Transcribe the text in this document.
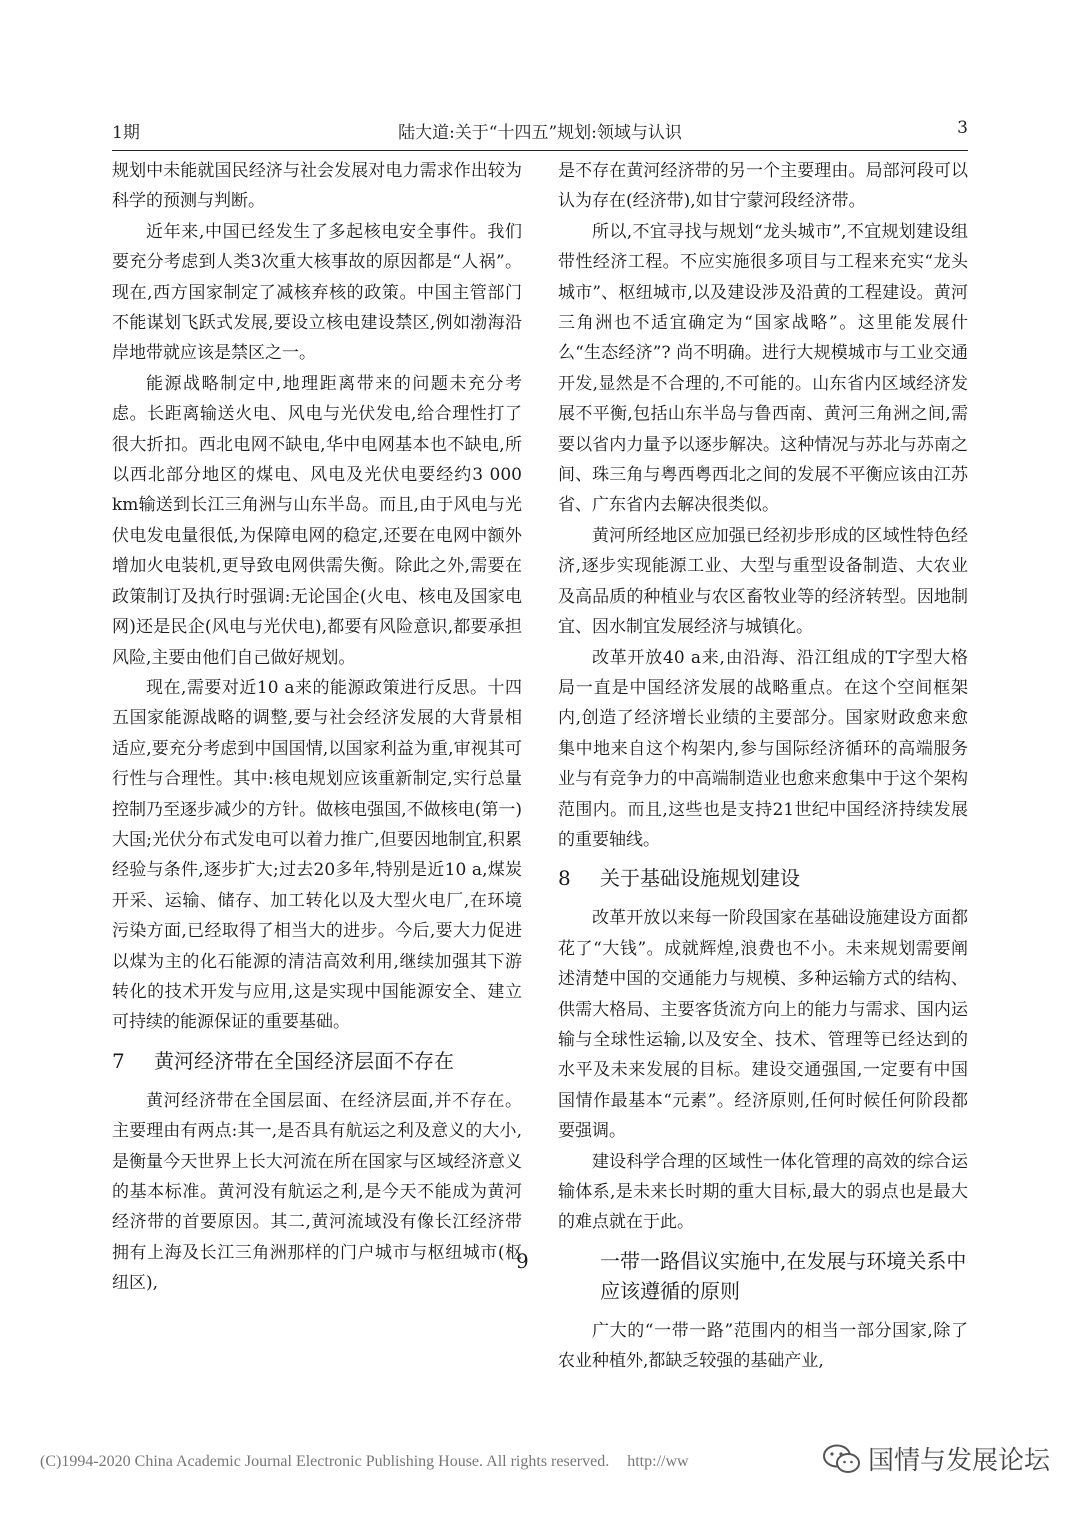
1期	陆大道:关于“十四五”规划:领域与认识	3

规划中未能就国民经济与社会发展对电力需求作出较为科学的预测与判断。

近年来,中国已经发生了多起核电安全事件。我们要充分考虑到人类3次重大核事故的原因都是“人祸”。现在,西方国家制定了减核弃核的政策。中国主管部门不能谋划飞跃式发展,要设立核电建设禁区,例如渤海沿岸地带就应该是禁区之一。

能源战略制定中,地理距离带来的问题未充分考虑。长距离输送火电、风电与光伏发电,给合理性打了很大折扣。西北电网不缺电,华中电网基本也不缺电,所以西北部分地区的煤电、风电及光伏电要经约3 000 km输送到长江三角洲与山东半岛。而且,由于风电与光伏电发电量很低,为保障电网的稳定,还要在电网中额外增加火电装机,更导致电网供需失衡。除此之外,需要在政策制订及执行时强调:无论国企(火电、核电及国家电网)还是民企(风电与光伏电),都要有风险意识,都要承担风险,主要由他们自己做好规划。

现在,需要对近10 a来的能源政策进行反思。十四五国家能源战略的调整,要与社会经济发展的大背景相适应,要充分考虑到中国国情,以国家利益为重,审视其可行性与合理性。其中:核电规划应该重新制定,实行总量控制乃至逐步减少的方针。做核电强国,不做核电(第一)大国;光伏分布式发电可以着力推广,但要因地制宜,积累经验与条件,逐步扩大;过去20多年,特别是近10 a,煤炭开采、运输、储存、加工转化以及大型火电厂,在环境污染方面,已经取得了相当大的进步。今后,要大力促进以煤为主的化石能源的清洁高效利用,继续加强其下游转化的技术开发与应用,这是实现中国能源安全、建立可持续的能源保证的重要基础。

7 黄河经济带在全国经济层面不存在

黄河经济带在全国层面、在经济层面,并不存在。主要理由有两点:其一,是否具有航运之利及意义的大小,是衡量今天世界上长大河流在所在国家与区域经济意义的基本标准。黄河没有航运之利,是今天不能成为黄河经济带的首要原因。其二,黄河流域没有像长江经济带拥有上海及长江三角洲那样的门户城市与枢纽城市(枢纽区),

是不存在黄河经济带的另一个主要理由。局部河段可以认为存在(经济带),如甘宁蒙河段经济带。

所以,不宜寻找与规划“龙头城市”,不宜规划建设组带性经济工程。不应实施很多项目与工程来充实“龙头城市”、枢纽城市,以及建设涉及沿黄的工程建设。黄河三角洲也不适宜确定为“国家战略”。这里能发展什么“生态经济”? 尚不明确。进行大规模城市与工业交通开发,显然是不合理的,不可能的。山东省内区域经济发展不平衡,包括山东半岛与鲁西南、黄河三角洲之间,需要以省内力量予以逐步解决。这种情况与苏北与苏南之间、珠三角与粤西粤西北之间的发展不平衡应该由江苏省、广东省内去解决很类似。

黄河所经地区应加强已经初步形成的区域性特色经济,逐步实现能源工业、大型与重型设备制造、大农业及高品质的种植业与农区畜牧业等的经济转型。因地制宜、因水制宜发展经济与城镇化。

改革开放40 a来,由沿海、沿江组成的T字型大格局一直是中国经济发展的战略重点。在这个空间框架内,创造了经济增长业绩的主要部分。国家财政愈来愈集中地来自这个构架内,参与国际经济循环的高端服务业与有竞争力的中高端制造业也愈来愈集中于这个架构范围内。而且,这些也是支持21世纪中国经济持续发展的重要轴线。

8 关于基础设施规划建设

改革开放以来每一阶段国家在基础设施建设方面都花了“大钱”。成就辉煌,浪费也不小。未来规划需要阐述清楚中国的交通能力与规模、多种运输方式的结构、供需大格局、主要客货流方向上的能力与需求、国内运输与全球性运输,以及安全、技术、管理等已经达到的水平及未来发展的目标。建设交通强国,一定要有中国国情作最基本“元素”。经济原则,任何时候任何阶段都要强调。

建设科学合理的区域性一体化管理的高效的综合运输体系,是未来长时期的重大目标,最大的弱点也是最大的难点就在于此。

9	一带一路倡议实施中,在发展与环境关系中应该遵循的原则

广大的“一带一路”范围内的相当一部分国家,除了农业种植外,都缺乏较强的基础产业,

(C)1994-2020 China Academic Journal Electronic Publishing House. All rights reserved. http://ww	国情与发展论坛
